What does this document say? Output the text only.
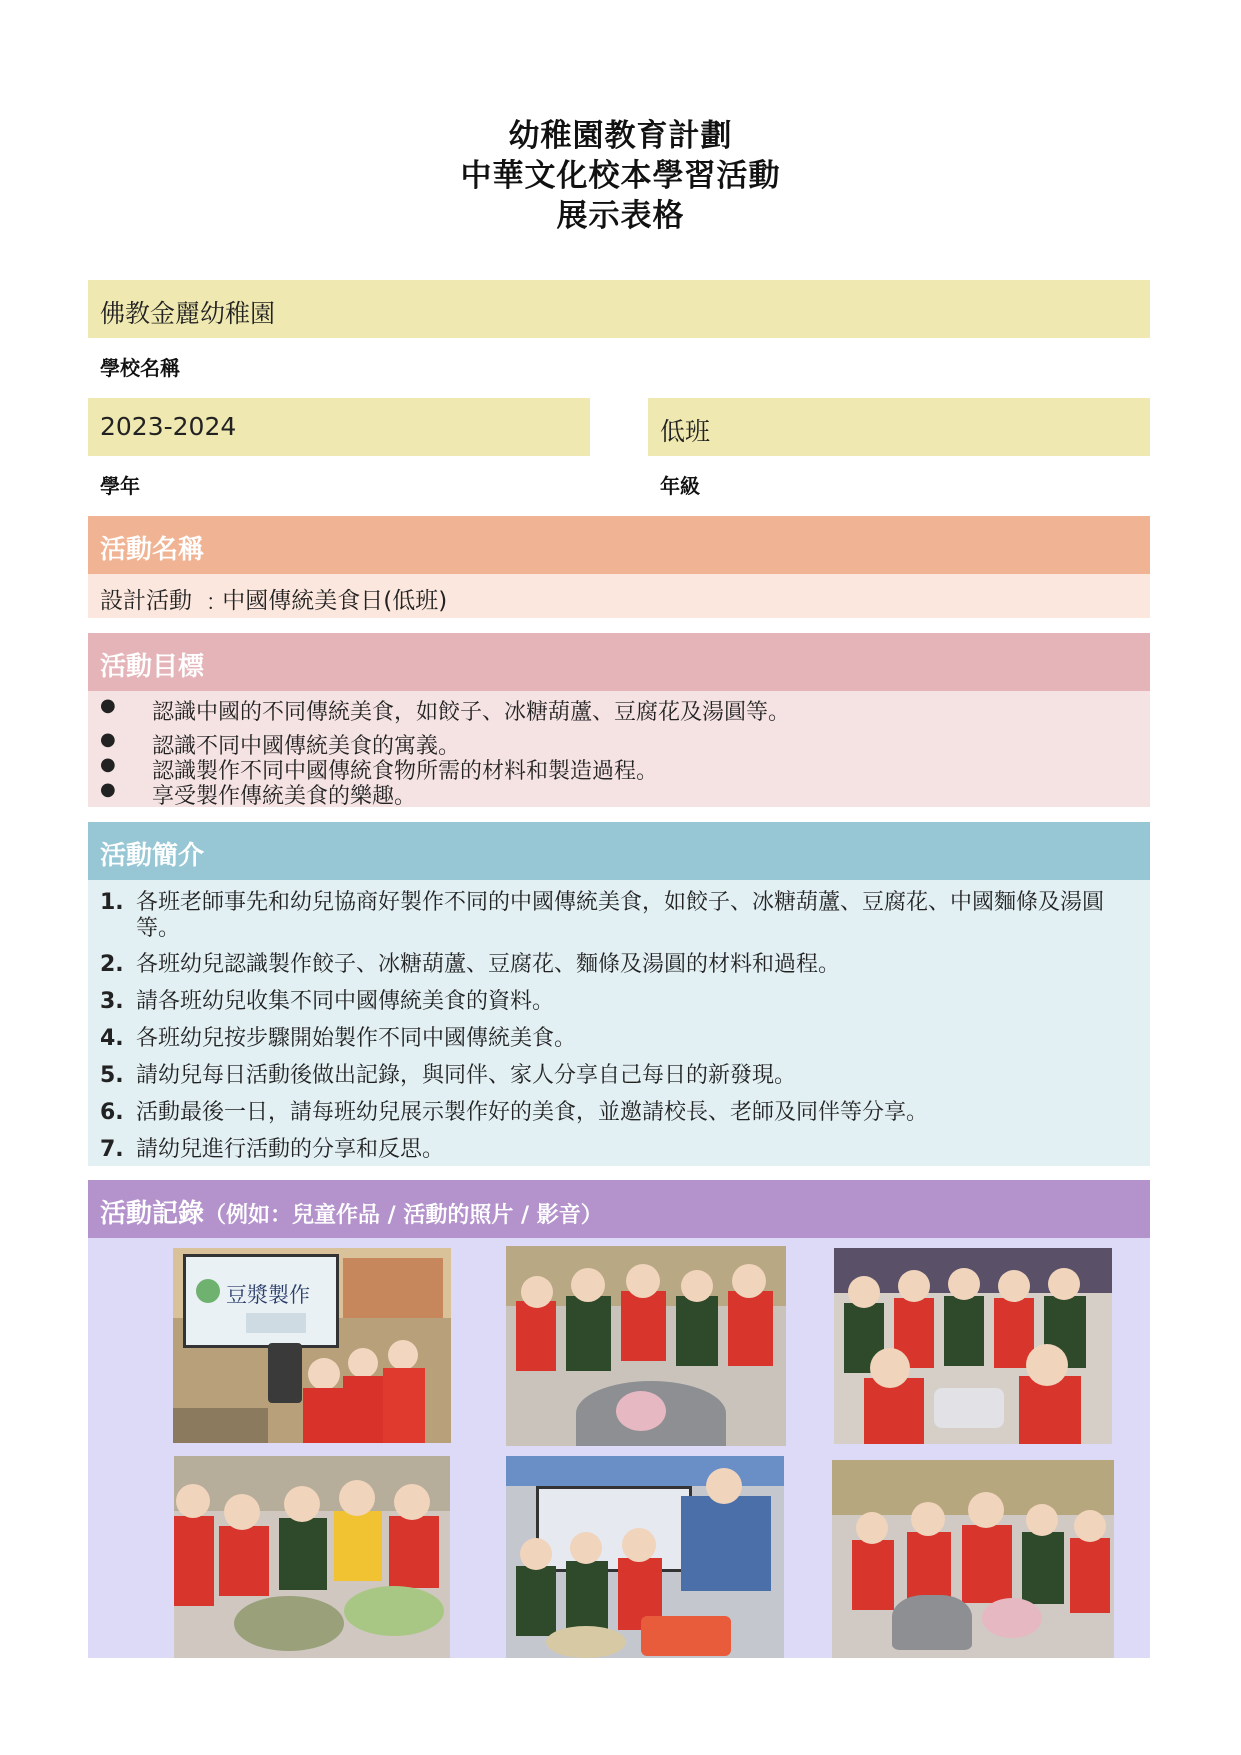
幼稚園教育計劃
中華文化校本學習活動
展示表格
佛教金麗幼稚園
學校名稱
2023-2024
學年
低班
年級
活動名稱
設計活動 ﹕中國傳統美食日(低班)
活動目標
● 認識中國的不同傳統美食，如餃子、冰糖葫蘆、豆腐花及湯圓等。
● 認識不同中國傳統美食的寓義。
● 認識製作不同中國傳統食物所需的材料和製造過程。
● 享受製作傳統美食的樂趣。
活動簡介
1. 各班老師事先和幼兒協商好製作不同的中國傳統美食，如餃子、冰糖葫蘆、豆腐花、中國麵條及湯圓等。
2. 各班幼兒認識製作餃子、冰糖葫蘆、豆腐花、麵條及湯圓的材料和過程。
3. 請各班幼兒收集不同中國傳統美食的資料。
4. 各班幼兒按步驟開始製作不同中國傳統美食。
5. 請幼兒每日活動後做出記錄，與同伴、家人分享自己每日的新發現。
6. 活動最後一日，請每班幼兒展示製作好的美食，並邀請校長、老師及同伴等分享。
7. 請幼兒進行活動的分享和反思。
活動記錄（例如：兒童作品 / 活動的照片 / 影音）
豆漿製作
